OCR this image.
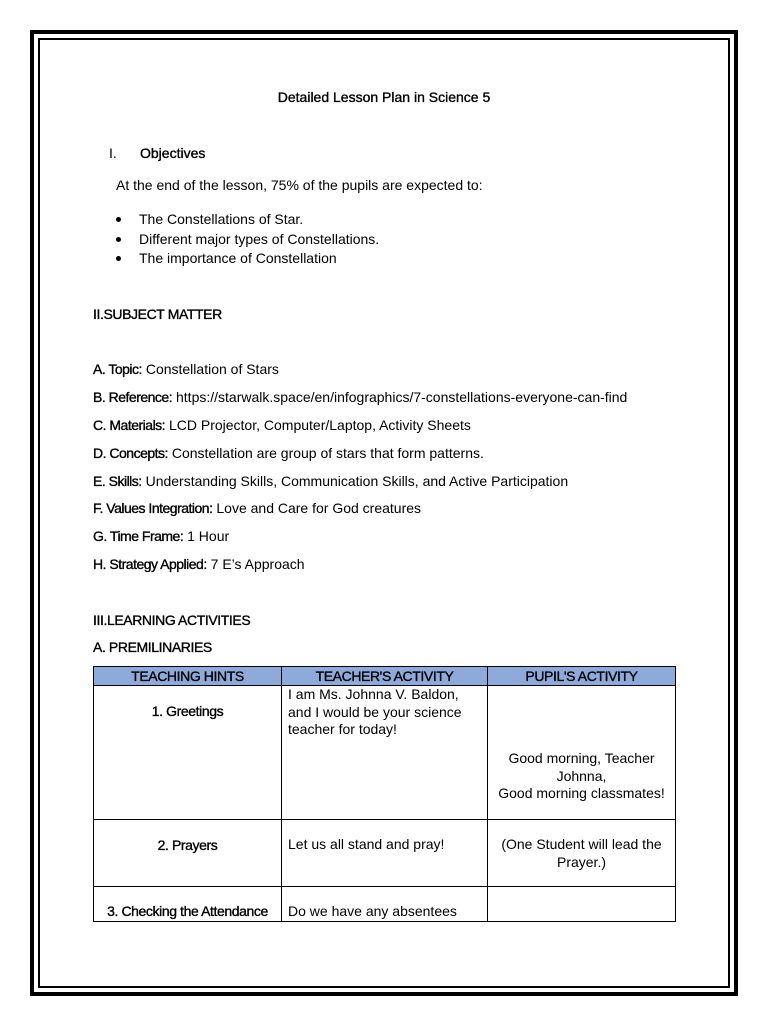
Detailed Lesson Plan in Science 5
I. Objectives
At the end of the lesson, 75% of the pupils are expected to:
The Constellations of Star.
Different major types of Constellations.
The importance of Constellation
II.SUBJECT MATTER
A. Topic: Constellation of Stars
B. Reference: https://starwalk.space/en/infographics/7-constellations-everyone-can-find
C. Materials: LCD Projector, Computer/Laptop, Activity Sheets
D. Concepts: Constellation are group of stars that form patterns.
E. Skills: Understanding Skills, Communication Skills, and Active Participation
F. Values Integration: Love and Care for God creatures
G. Time Frame: 1 Hour
H. Strategy Applied: 7 E’s Approach
III.LEARNING ACTIVITIES
A. PREMILINARIES
TEACHING HINTS	TEACHER'S ACTIVITY	PUPIL'S ACTIVITY
1. Greetings	I am Ms. Johnna V. Baldon, and I would be your science teacher for today!	Good morning, Teacher Johnna,
Good morning classmates!

2. Prayers	Let us all stand and pray!	(One Student will lead the Prayer.)

3. Checking the Attendance	Do we have any absentees	
